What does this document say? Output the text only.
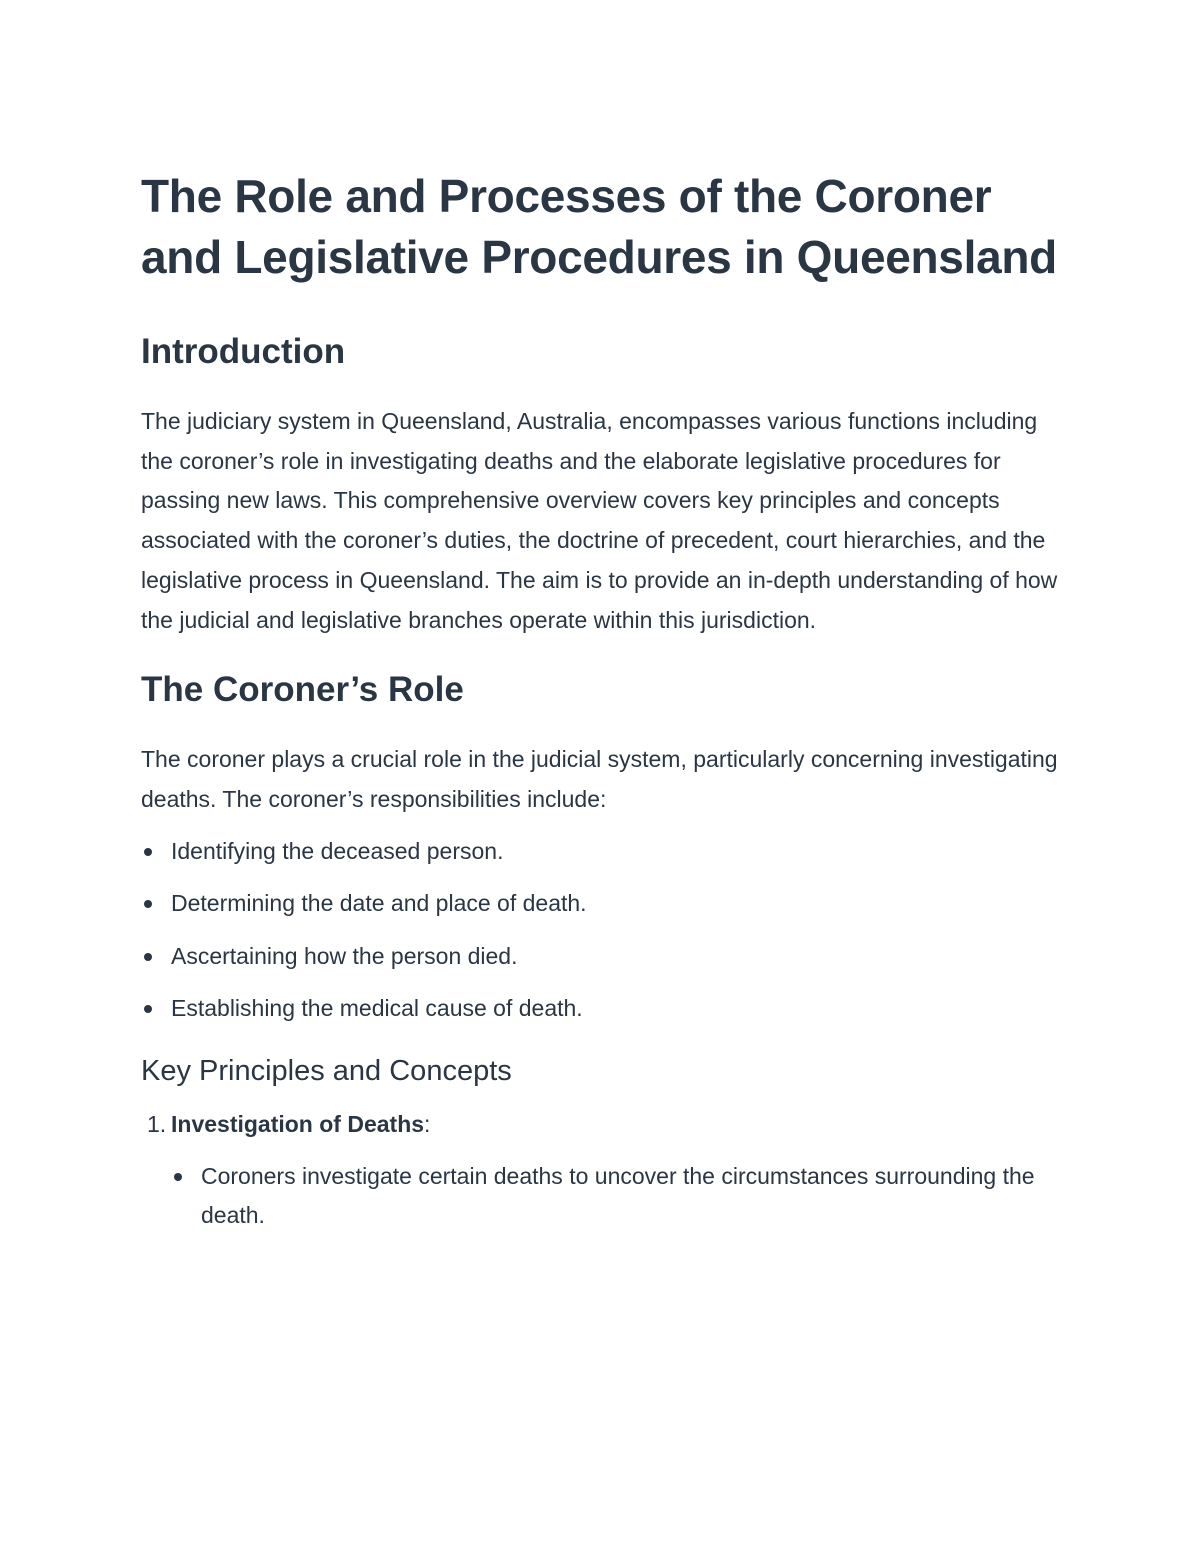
The Role and Processes of the Coroner and Legislative Procedures in Queensland
Introduction

The judiciary system in Queensland, Australia, encompasses various functions including the coroner’s role in investigating deaths and the elaborate legislative procedures for passing new laws. This comprehensive overview covers key principles and concepts associated with the coroner’s duties, the doctrine of precedent, court hierarchies, and the legislative process in Queensland. The aim is to provide an in-depth understanding of how the judicial and legislative branches operate within this jurisdiction.

The Coroner’s Role

The coroner plays a crucial role in the judicial system, particularly concerning investigating deaths. The coroner’s responsibilities include:

Identifying the deceased person.
Determining the date and place of death.
Ascertaining how the person died.
Establishing the medical cause of death.
Key Principles and Concepts
1. Investigation of Deaths:
Coroners investigate certain deaths to uncover the circumstances surrounding the death.
